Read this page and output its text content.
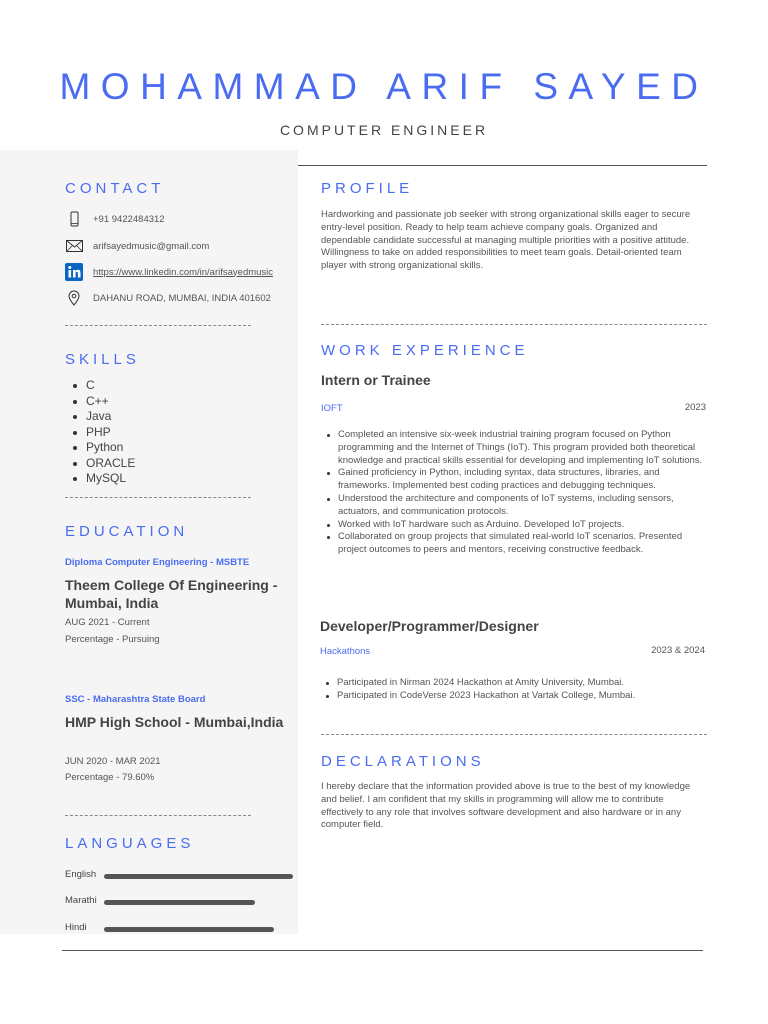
MOHAMMAD ARIF SAYED
COMPUTER ENGINEER
CONTACT
+91 9422484312
arifsayedmusic@gmail.com
https://www.linkedin.com/in/arifsayedmusic
DAHANU ROAD, MUMBAI, INDIA 401602
SKILLS
C
C++
Java
PHP
Python
ORACLE
MySQL
EDUCATION
Diploma Computer Engineering - MSBTE
Theem College Of Engineering - Mumbai, India
AUG 2021 - Current
Percentage - Pursuing
SSC - Maharashtra State Board
HMP High School - Mumbai,India
JUN 2020 - MAR 2021
Percentage - 79.60%
LANGUAGES
English
Marathi
Hindi
PROFILE
Hardworking and passionate job seeker with strong organizational skills eager to secure entry-level position. Ready to help team achieve company goals. Organized and dependable candidate successful at managing multiple priorities with a positive attitude. Willingness to take on added responsibilities to meet team goals. Detail-oriented team player with strong organizational skills.
WORK EXPERIENCE
Intern or Trainee
IOFT	2023
Completed an intensive six-week industrial training program focused on Python programming and the Internet of Things (IoT). This program provided both theoretical knowledge and practical skills essential for developing and implementing IoT solutions.
Gained proficiency in Python, including syntax, data structures, libraries, and frameworks. Implemented best coding practices and debugging techniques.
Understood the architecture and components of IoT systems, including sensors, actuators, and communication protocols.
Worked with IoT hardware such as Arduino. Developed IoT projects.
Collaborated on group projects that simulated real-world IoT scenarios. Presented project outcomes to peers and mentors, receiving constructive feedback.
Developer/Programmer/Designer
Hackathons	2023 & 2024
Participated in Nirman 2024 Hackathon at Amity University, Mumbai.
Participated in CodeVerse 2023 Hackathon at Vartak College, Mumbai.
DECLARATIONS
I hereby declare that the information provided above is true to the best of my knowledge and belief. I am confident that my skills in programming will allow me to contribute effectively to any role that involves software development and also hardware or in any computer field.
